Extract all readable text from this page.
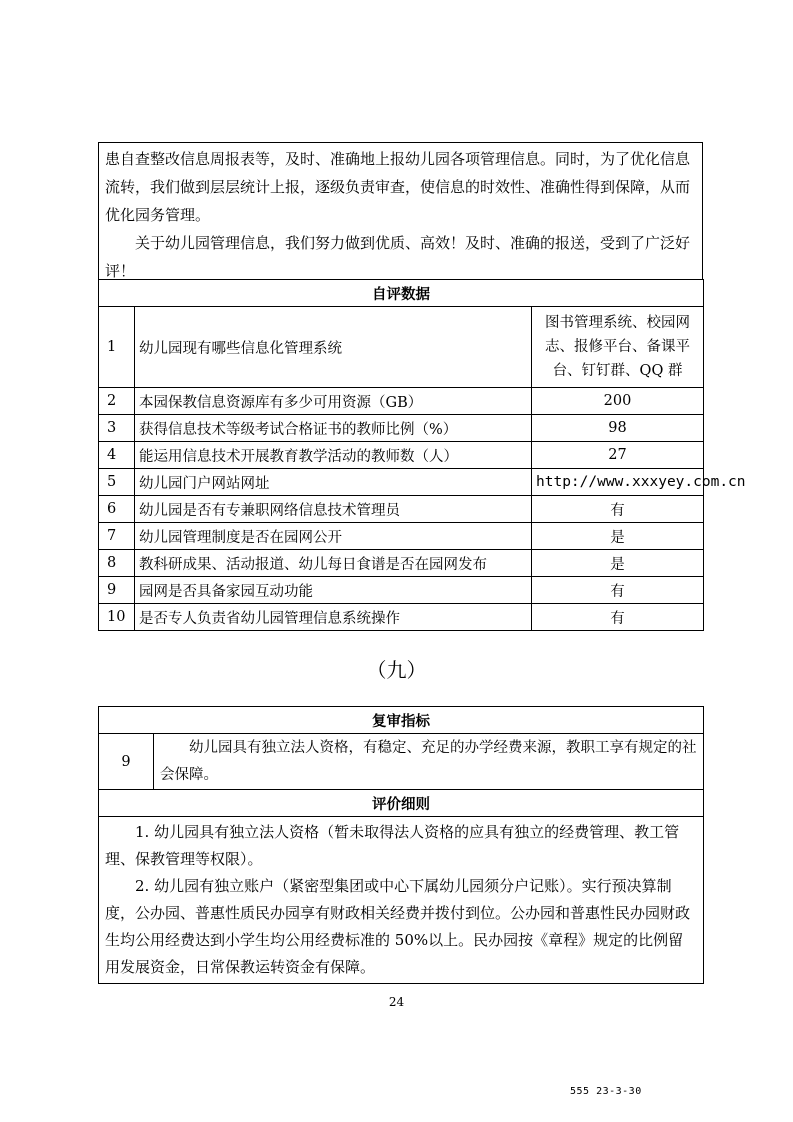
患自查整改信息周报表等，及时、准确地上报幼儿园各项管理信息。同时，为了优化信息流转，我们做到层层统计上报，逐级负责审查，使信息的时效性、准确性得到保障，从而优化园务管理。

关于幼儿园管理信息，我们努力做到优质、高效！及时、准确的报送，受到了广泛好评！

自评数据		
1	幼儿园现有哪些信息化管理系统	图书管理系统、校园网志、报修平台、备课平台、钉钉群、QQ 群
2	本园保教信息资源库有多少可用资源（GB）	200
3	获得信息技术等级考试合格证书的教师比例（%）	98
4	能运用信息技术开展教育教学活动的教师数（人）	27
5	幼儿园门户网站网址	http://www.xxxyey.com.cn
6	幼儿园是否有专兼职网络信息技术管理员	有
7	幼儿园管理制度是否在园网公开	是
8	教科研成果、活动报道、幼儿每日食谱是否在园网发布	是
9	园网是否具备家园互动功能	有
10	是否专人负责省幼儿园管理信息系统操作	有
（九）
复审指标
9	幼儿园具有独立法人资格，有稳定、充足的办学经费来源，教职工享有规定的社会保障。
评价细则

1. 幼儿园具有独立法人资格（暂未取得法人资格的应具有独立的经费管理、教工管理、保教管理等权限）。

2. 幼儿园有独立账户（紧密型集团或中心下属幼儿园须分户记账）。实行预决算制度，公办园、普惠性质民办园享有财政相关经费并拨付到位。公办园和普惠性民办园财政生均公用经费达到小学生均公用经费标准的 50%以上。民办园按《章程》规定的比例留用发展资金，日常保教运转资金有保障。

24
555 23-3-30
